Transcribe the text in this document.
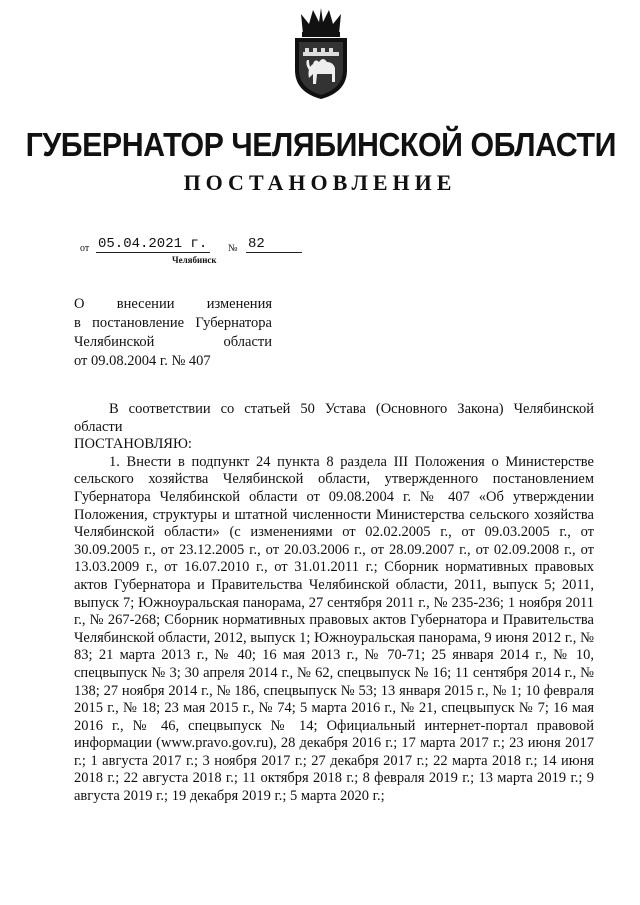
ГУБЕРНАТОР ЧЕЛЯБИНСКОЙ ОБЛАСТИ
ПОСТАНОВЛЕНИЕ
от 05.04.2021 г. № 82
Челябинск
О внесении изменения
в постановление Губернатора
Челябинской области
от 09.08.2004 г. № 407

В соответствии со статьей 50 Устава (Основного Закона) Челябинской области

ПОСТАНОВЛЯЮ:

1. Внести в подпункт 24 пункта 8 раздела III Положения о Министерстве сельского хозяйства Челябинской области, утвержденного постановлением Губернатора Челябинской области от 09.08.2004 г. № 407 «Об утверждении Положения, структуры и штатной численности Министерства сельского хозяйства Челябинской области» (с изменениями от 02.02.2005 г., от 09.03.2005 г., от 30.09.2005 г., от 23.12.2005 г., от 20.03.2006 г., от 28.09.2007 г., от 02.09.2008 г., от 13.03.2009 г., от 16.07.2010 г., от 31.01.2011 г.; Сборник нормативных правовых актов Губернатора и Правительства Челябинской области, 2011, выпуск 5; 2011, выпуск 7; Южноуральская панорама, 27 сентября 2011 г., № 235-236; 1 ноября 2011 г., № 267-268; Сборник нормативных правовых актов Губернатора и Правительства Челябинской области, 2012, выпуск 1; Южноуральская панорама, 9 июня 2012 г., № 83; 21 марта 2013 г., № 40; 16 мая 2013 г., № 70-71; 25 января 2014 г., № 10, спецвыпуск № 3; 30 апреля 2014 г., № 62, спецвыпуск № 16; 11 сентября 2014 г., № 138; 27 ноября 2014 г., № 186, спецвыпуск № 53; 13 января 2015 г., № 1; 10 февраля 2015 г., № 18; 23 мая 2015 г., № 74; 5 марта 2016 г., № 21, спецвыпуск № 7; 16 мая 2016 г., № 46, спецвыпуск № 14; Официальный интернет-портал правовой информации (www.pravo.gov.ru), 28 декабря 2016 г.; 17 марта 2017 г.; 23 июня 2017 г.; 1 августа 2017 г.; 3 ноября 2017 г.; 27 декабря 2017 г.; 22 марта 2018 г.; 14 июня 2018 г.; 22 августа 2018 г.; 11 октября 2018 г.; 8 февраля 2019 г.; 13 марта 2019 г.; 9 августа 2019 г.; 19 декабря 2019 г.; 5 марта 2020 г.;
